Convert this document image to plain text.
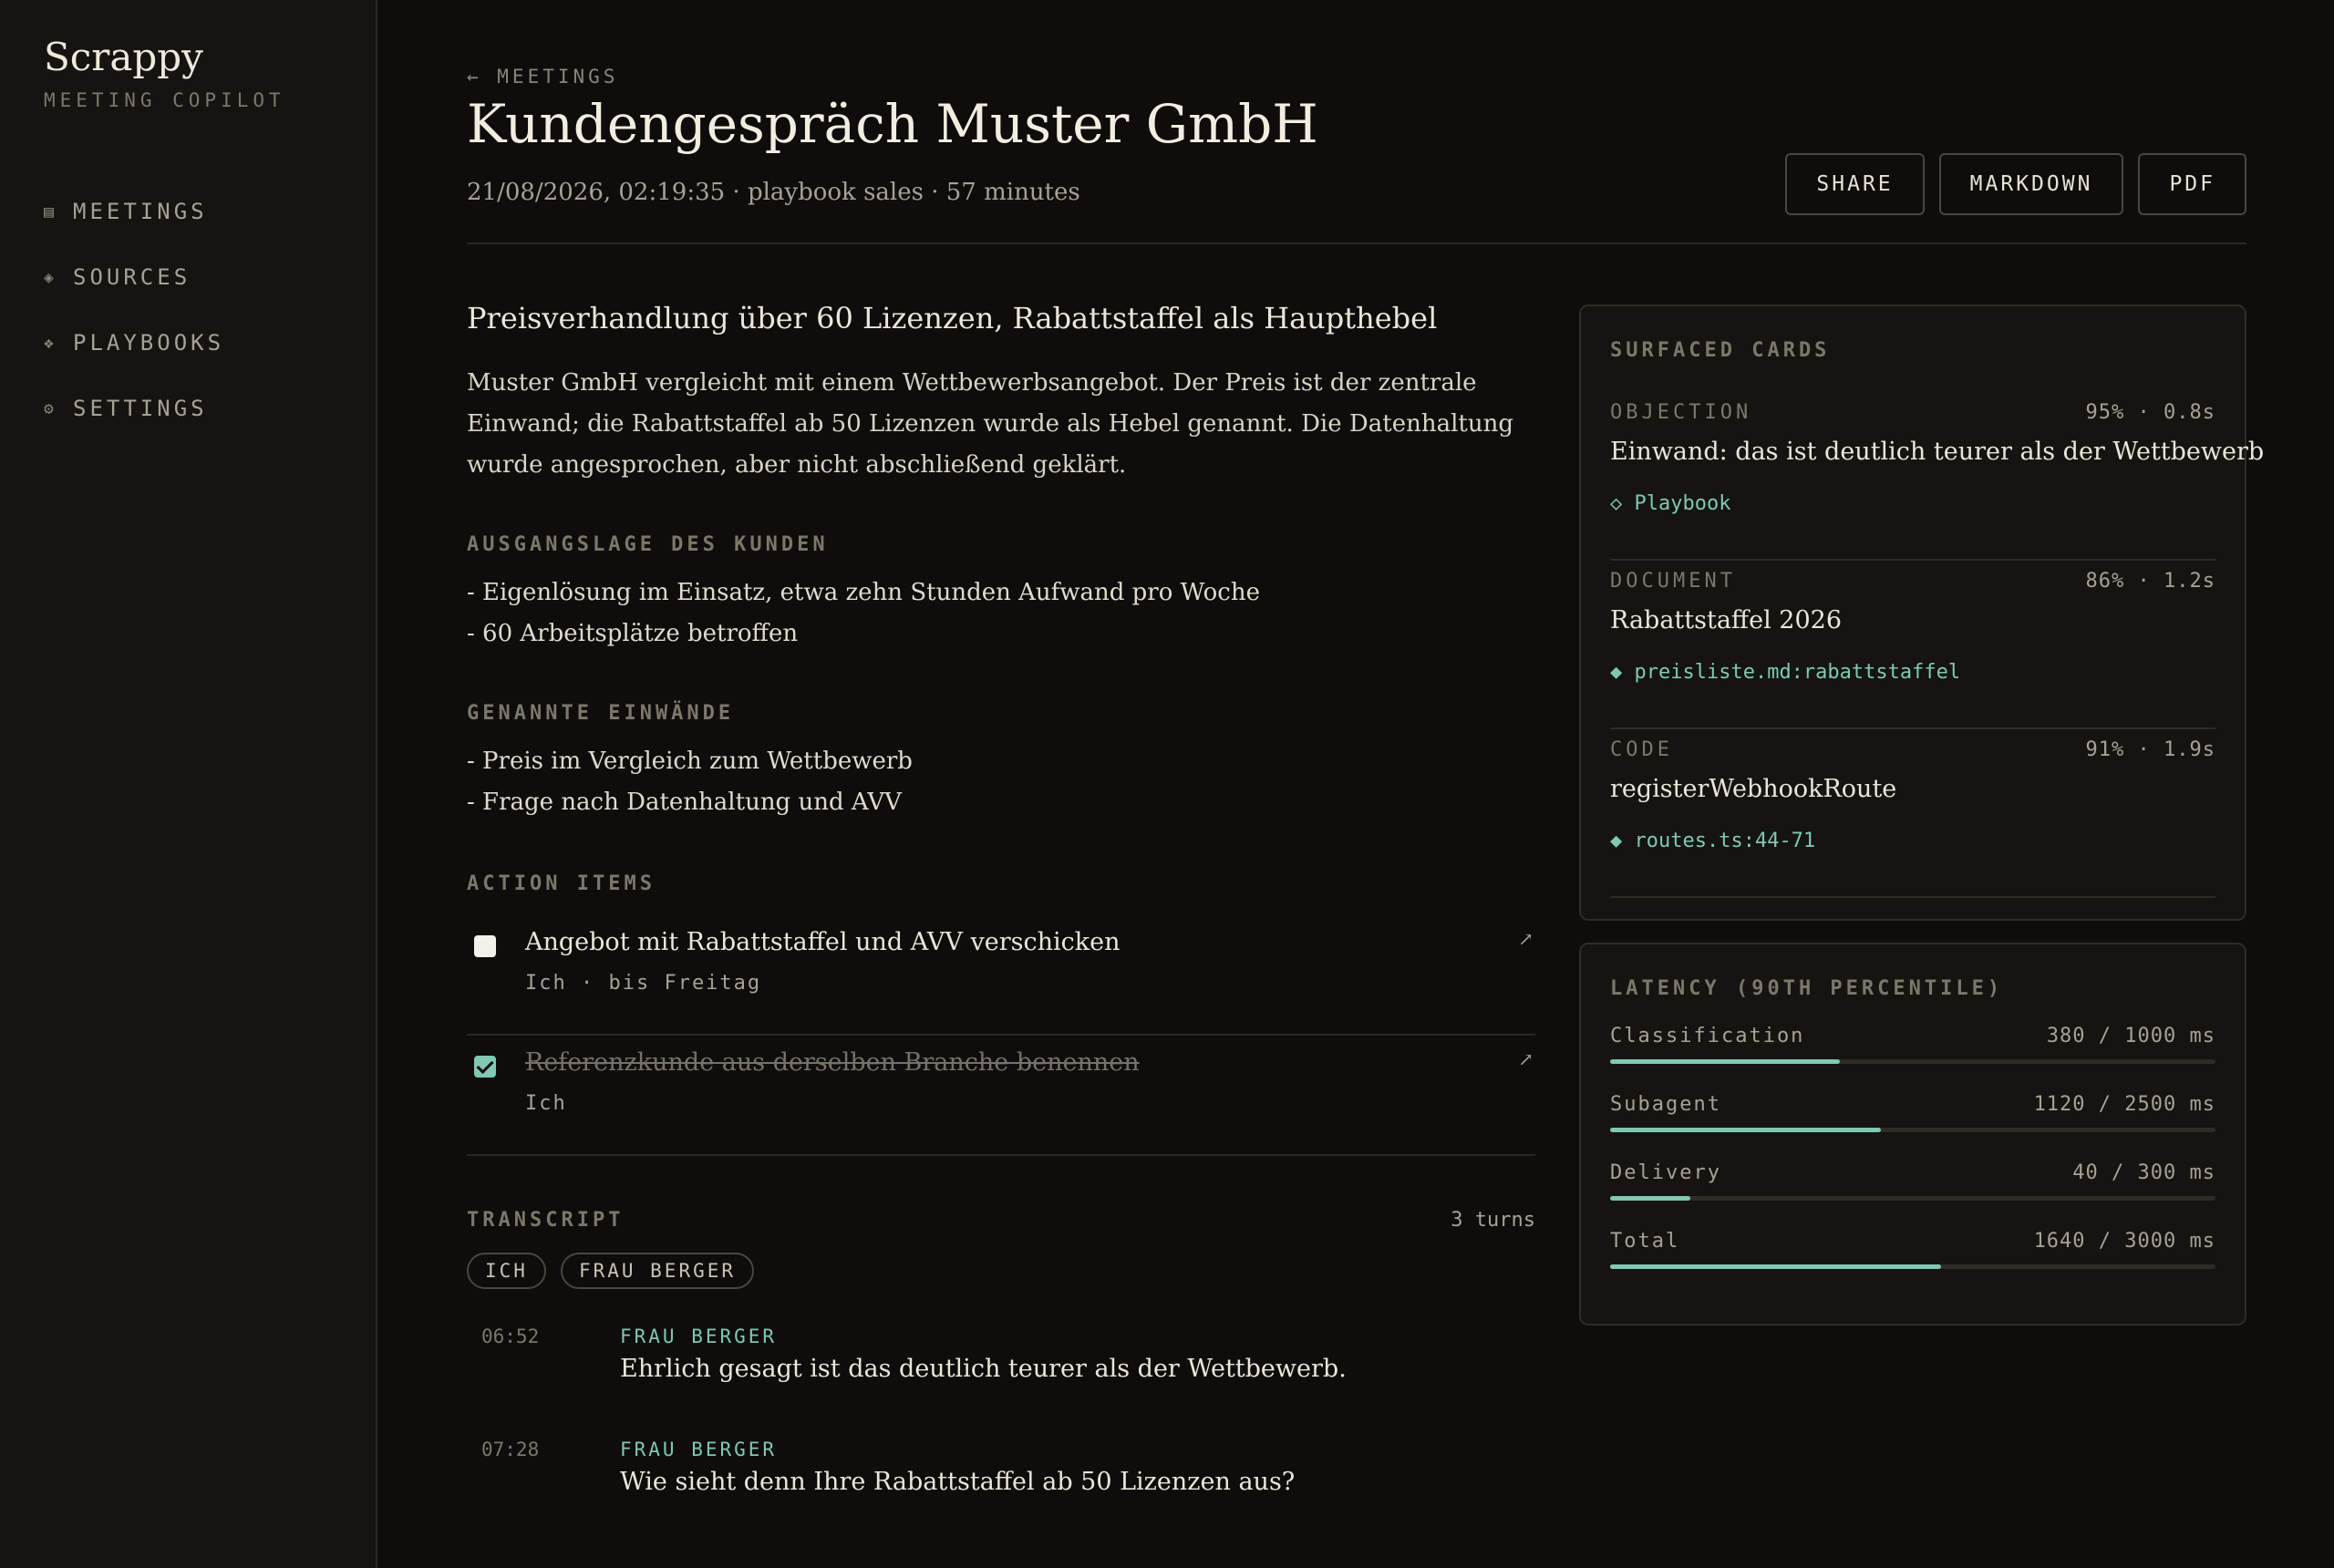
Scrappy
MEETING COPILOT
▤ MEETINGS
◈ SOURCES
❖ PLAYBOOKS
⚙ SETTINGS
← MEETINGS
Kundengespräch Muster GmbH
21/08/2026, 02:19:35 · playbook sales · 57 minutes	SHARE	MARKDOWN	PDF
Preisverhandlung über 60 Lizenzen, Rabattstaffel als Haupthebel

Muster GmbH vergleicht mit einem Wettbewerbsangebot. Der Preis ist der zentrale Einwand; die Rabattstaffel ab 50 Lizenzen wurde als Hebel genannt. Die Datenhaltung wurde angesprochen, aber nicht abschließend geklärt.

AUSGANGSLAGE DES KUNDEN
- Eigenlösung im Einsatz, etwa zehn Stunden Aufwand pro Woche
- 60 Arbeitsplätze betroffen
GENANNTE EINWÄNDE
- Preis im Vergleich zum Wettbewerb
- Frage nach Datenhaltung und AVV
ACTION ITEMS
Angebot mit Rabattstaffel und AVV verschicken
Ich · bis Freitag
↗
Referenzkunde aus derselben Branche benennen
Ich
↗
TRANSCRIPT	3 turns
ICH	FRAU BERGER
06:52	FRAU BERGER
Ehrlich gesagt ist das deutlich teurer als der Wettbewerb.
07:28	FRAU BERGER
Wie sieht denn Ihre Rabattstaffel ab 50 Lizenzen aus?
SURFACED CARDS
OBJECTION	95% · 0.8s
Einwand: das ist deutlich teurer als der Wettbewerb
◇ Playbook
DOCUMENT	86% · 1.2s
Rabattstaffel 2026
◆ preisliste.md:rabattstaffel
CODE	91% · 1.9s
registerWebhookRoute
◆ routes.ts:44-71
LATENCY (90TH PERCENTILE)
Classification	380 / 1000 ms
Subagent	1120 / 2500 ms
Delivery	40 / 300 ms
Total	1640 / 3000 ms
